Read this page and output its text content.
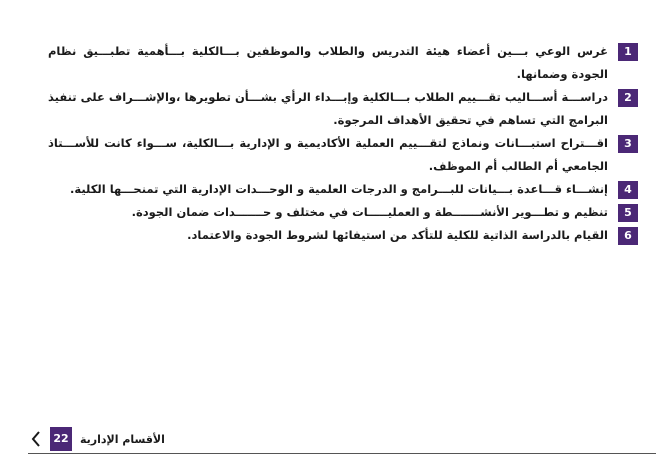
1
غرس الوعي بـــين أعضاء هيئة التدريس والطلاب والموظفين بـــالكلية بـــأهمية تطبـــيق نظام الجودة وضمانها.
2
دراســـة أســـاليب تقـــييم الطلاب بـــالكلية وإبـــداء الرأي بشـــأن تطويرها ،والإشـــراف على تنفيذ البرامج التي تساهم في تحقيق الأهداف المرجوة.
3
اقـــتراح استبـــانات ونماذج لتقـــييم العملية الأكاديمية و الإدارية بـــالكلية، ســـواء كانت للأســـتاذ الجامعي أم الطالب أم الموظف.
4
إنشـــاء قـــاعدة بـــيانات للبـــرامج و الدرجات العلمية و الوحـــدات الإدارية التي تمنحـــها الكلية.
5
تنظيم و تطـــوير الأنشـــــــطة و العمليـــــات في مختلف و حـــــــدات ضمان الجودة.
6
القيام بالدراسة الذاتية للكلية للتأكد من استيفائها لشروط الجودة والاعتماد.
22	الأقسام الإدارية
